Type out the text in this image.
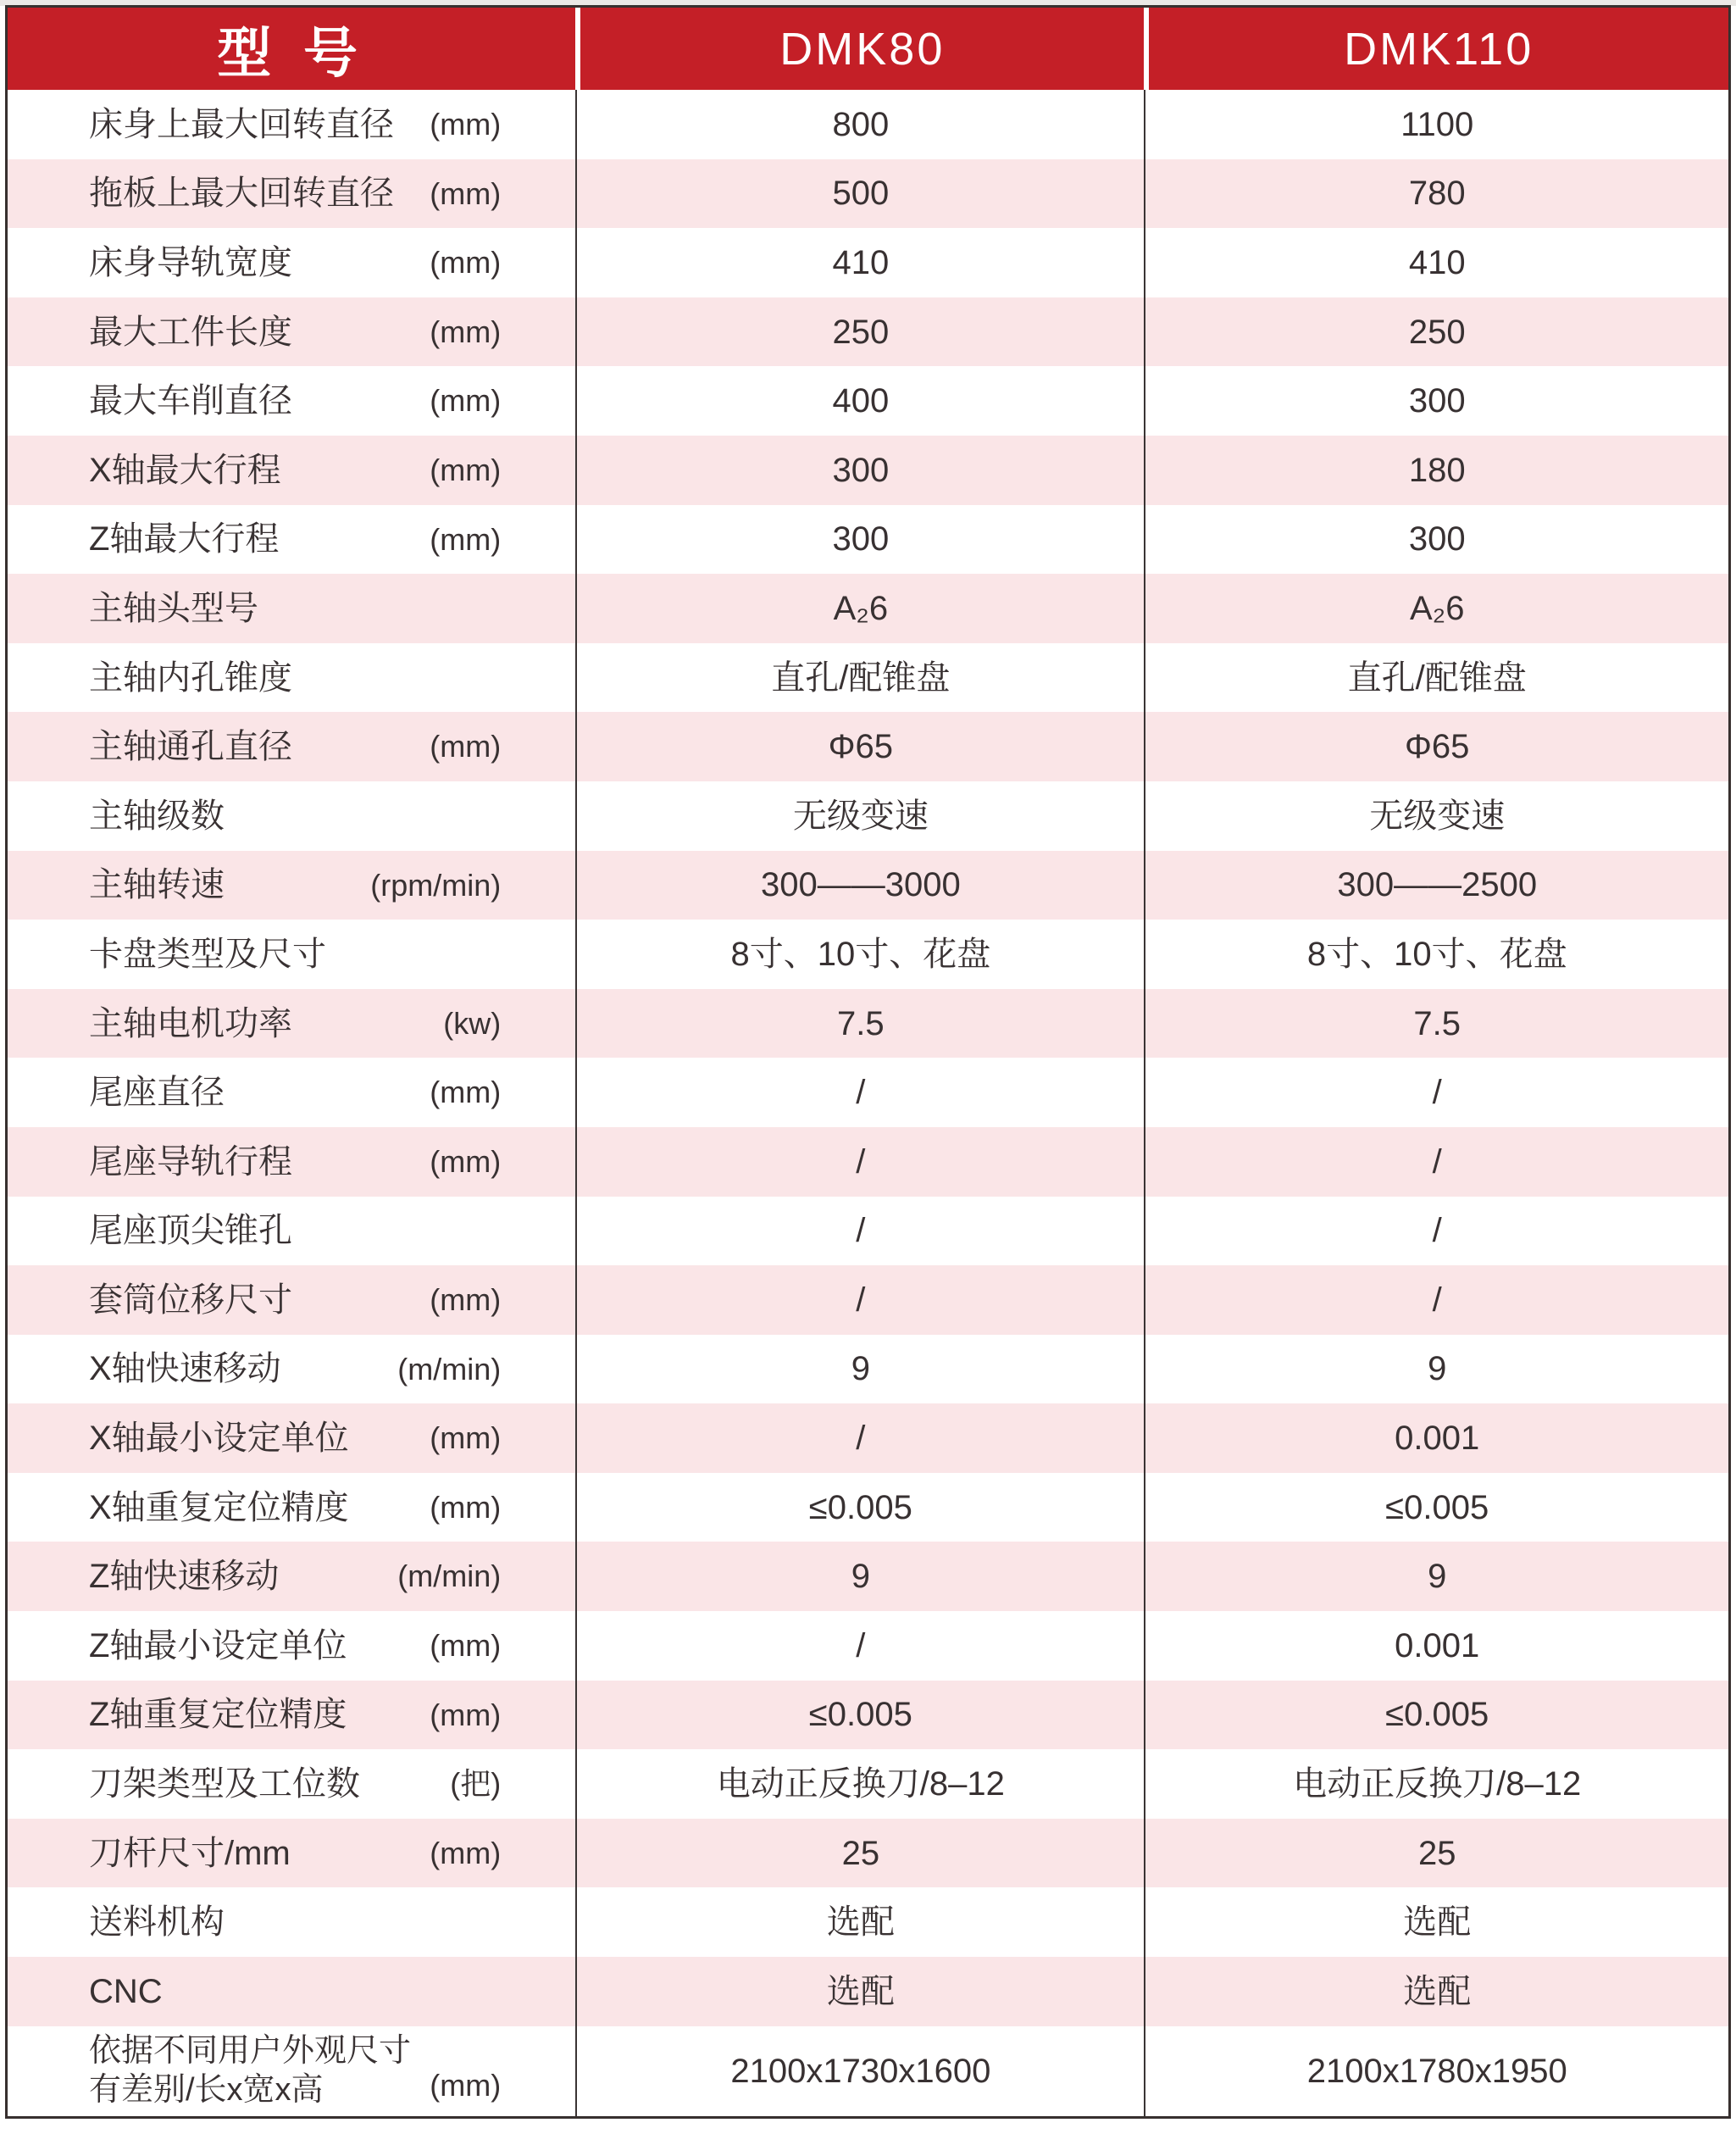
型 号	DMK80	DMK110
床身上最大回转直径 (mm)	800	1100
拖板上最大回转直径 (mm)	500	780
床身导轨宽度	(mm)	410	410
最大工件长度	(mm)	250	250
最大车削直径	(mm)	400	300
X轴最大行程	(mm)	300	180
Z轴最大行程	(mm)	300	300
主轴头型号	A₂6	A₂6
主轴内孔锥度	直孔/配锥盘	直孔/配锥盘
主轴通孔直径	(mm)	Φ65	Φ65
主轴级数	无级变速	无级变速
主轴转速	(rpm/min)	300——3000	300——2500
卡盘类型及尺寸	8寸、10寸、花盘	8寸、10寸、花盘
主轴电机功率	(kw)	7.5	7.5
尾座直径	(mm)	/	/
尾座导轨行程	(mm)	/	/
尾座顶尖锥孔	/	/
套筒位移尺寸	(mm)	/	/
X轴快速移动	(m/min)	9	9
X轴最小设定单位	(mm)	/	0.001
X轴重复定位精度	(mm)	≤0.005	≤0.005
Z轴快速移动	(m/min)	9	9
Z轴最小设定单位	(mm)	/	0.001
Z轴重复定位精度	(mm)	≤0.005	≤0.005
刀架类型及工位数	(把)	电动正反换刀/8–12	电动正反换刀/8–12
刀杆尺寸/mm	(mm)	25	25
送料机构	选配	选配
CNC	选配	选配
依据不同用户外观尺寸
有差别/长x宽x高	(mm)	2100x1730x1600	2100x1780x1950
